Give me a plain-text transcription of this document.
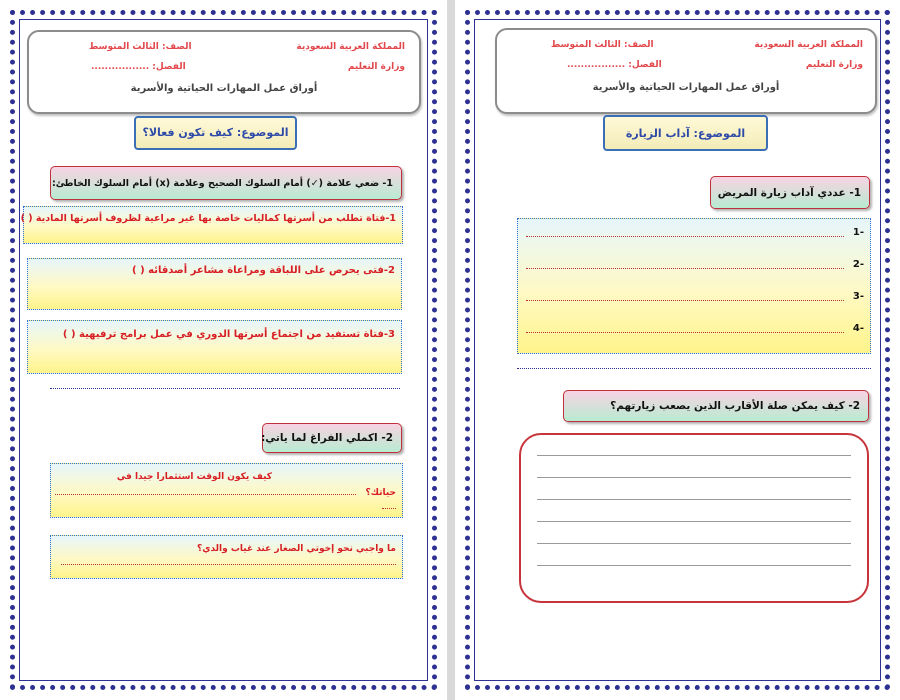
المملكة العربية السعودية
وزارة التعليم
الصف: الثالث المتوسط
الفصل: .................
أوراق عمل المهارات الحياتية والأسرية
الموضوع: كيف تكون فعالا؟
1- ضعي علامة (✓) أمام السلوك الصحيح وعلامة (x) أمام السلوك الخاطئ:
1-فتاة تطلب من أسرتها كماليات خاصة بها غير مراعية لظروف أسرتها المادية ( )
2-فتى يحرص على اللباقة ومراعاة مشاعر أصدقائه ( )
3-فتاة تستفيد من اجتماع أسرتها الدوري في عمل برامج ترفيهية ( )
2- اكملي الفراغ لما ياتي:
كيف يكون الوقت استثمارا جيدا في
حياتك؟
ما واجبي نحو إخوتي الصغار عند غياب والدي؟
المملكة العربية السعودية
وزارة التعليم
الصف: الثالث المتوسط
الفصل: .................
أوراق عمل المهارات الحياتية والأسرية
الموضوع: آداب الزيارة
1- عددي آداب زيارة المريض
-1
-2
-3
-4
2- كيف يمكن صلة الأقارب الذين يصعب زيارتهم؟
